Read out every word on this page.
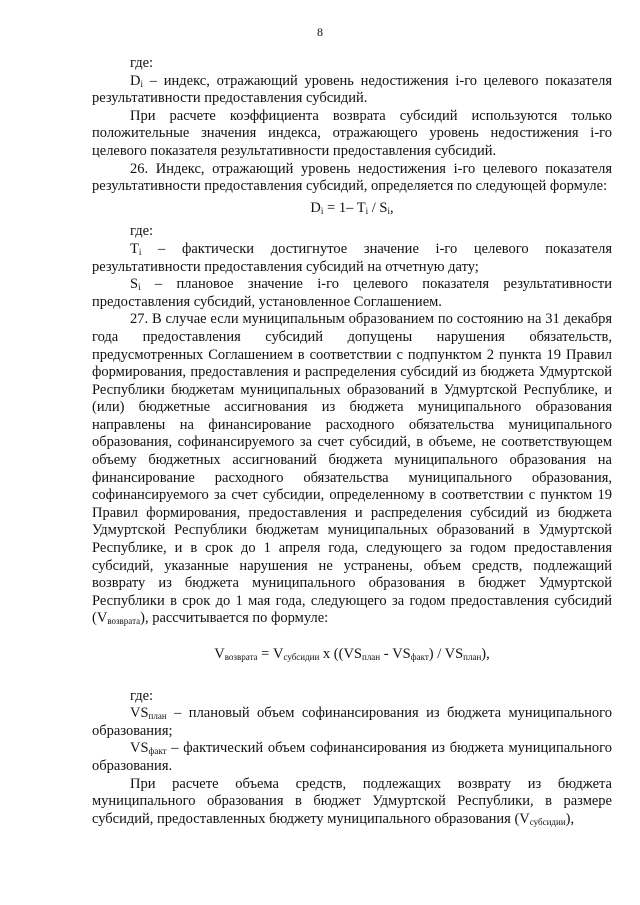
8

где:

$D_i$ – индекс, отражающий уровень недостижения i-го целевого показателя результативности предоставления субсидий.

При расчете коэффициента возврата субсидий используются только положительные значения индекса, отражающего уровень недостижения i-го целевого показателя результативности предоставления субсидий.

26. Индекс, отражающий уровень недостижения i-го целевого показателя результативности предоставления субсидий, определяется по следующей формуле:

$D_i = 1-$ $T_i / S_i$,

где:

$T_i$ – фактически достигнутое значение i-го целевого показателя результативности предоставления субсидий на отчетную дату;

$S_i$ – плановое значение i-го целевого показателя результативности предоставления субсидий, установленное Соглашением.

27. В случае если муниципальным образованием по состоянию на 31 декабря года предоставления субсидий допущены нарушения обязательств, предусмотренных Соглашением в соответствии с подпунктом 2 пункта 19 Правил формирования, предоставления и распределения субсидий из бюджета Удмуртской Республики бюджетам муниципальных образований в Удмуртской Республике, и (или) бюджетные ассигнования из бюджета муниципального образования направлены на финансирование расходного обязательства муниципального образования, софинансируемого за счет субсидий, в объеме, не соответствующем объему бюджетных ассигнований бюджета муниципального образования на финансирование расходного обязательства муниципального образования, софинансируемого за счет субсидии, определенному в соответствии с пунктом 19 Правил формирования, предоставления и распределения субсидий из бюджета Удмуртской Республики бюджетам муниципальных образований в Удмуртской Республике, и в срок до 1 апреля года, следующего за годом предоставления субсидий, указанные нарушения не устранены, объем средств, подлежащий возврату из бюджета муниципального образования в бюджет Удмуртской Республики в срок до 1 мая года, следующего за годом предоставления субсидий $(V_{возврата})$, рассчитывается по формуле:

$V_{возврата} = V_{субсидии}$ x $((VS_{план} - VS_{факт}) / VS_{план})$,

где:

$VS_{план}$ – плановый объем софинансирования из бюджета муниципального образования;

$VS_{факт}$ – фактический объем софинансирования из бюджета муниципального образования.

При расчете объема средств, подлежащих возврату из бюджета муниципального образования в бюджет Удмуртской Республики, в размере субсидий, предоставленных бюджету муниципального образования $(V_{субсидии})$,
